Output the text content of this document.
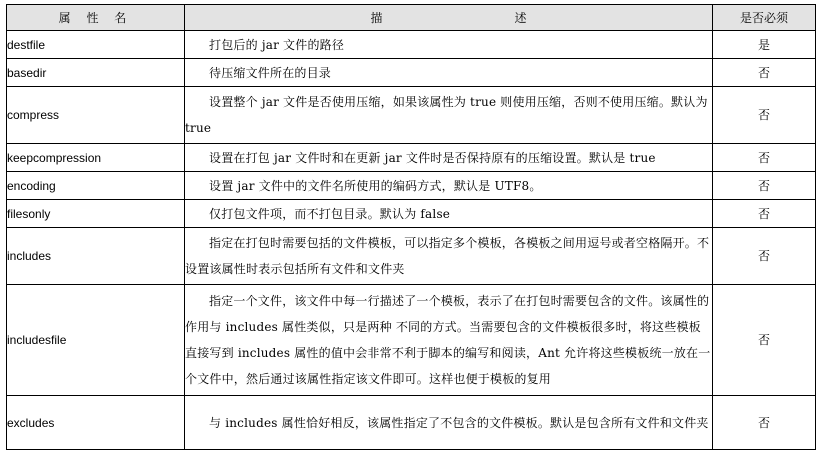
属 性 名	描　　述	是否必须
destfile	打包后的 jar 文件的路径	是
basedir	待压缩文件所在的目录	否
compress	设置整个 jar 文件是否使用压缩，如果该属性为 true 则使用压缩，否则不使用压缩。默认为 true	否
keepcompression	设置在打包 jar 文件时和在更新 jar 文件时是否保持原有的压缩设置。默认是 true	否
encoding	设置 jar 文件中的文件名所使用的编码方式，默认是 UTF8。	否
filesonly	仅打包文件项，而不打包目录。默认为 false	否
includes	指定在打包时需要包括的文件模板，可以指定多个模板，各模板之间用逗号或者空格隔开。不设置该属性时表示包括所有文件和文件夹	否
includesfile	指定一个文件，该文件中每一行描述了一个模板，表示了在打包时需要包含的文件。该属性的作用与 includes 属性类似，只是两种 不同的方式。当需要包含的文件模板很多时，将这些模板直接写到 includes 属性的值中会非常不利于脚本的编写和阅读，Ant 允许将这些模板统一放在一个文件中，然后通过该属性指定该文件即可。这样也便于模板的复用	否
excludes	与 includes 属性恰好相反，该属性指定了不包含的文件模板。默认是包含所有文件和文件夹	否
